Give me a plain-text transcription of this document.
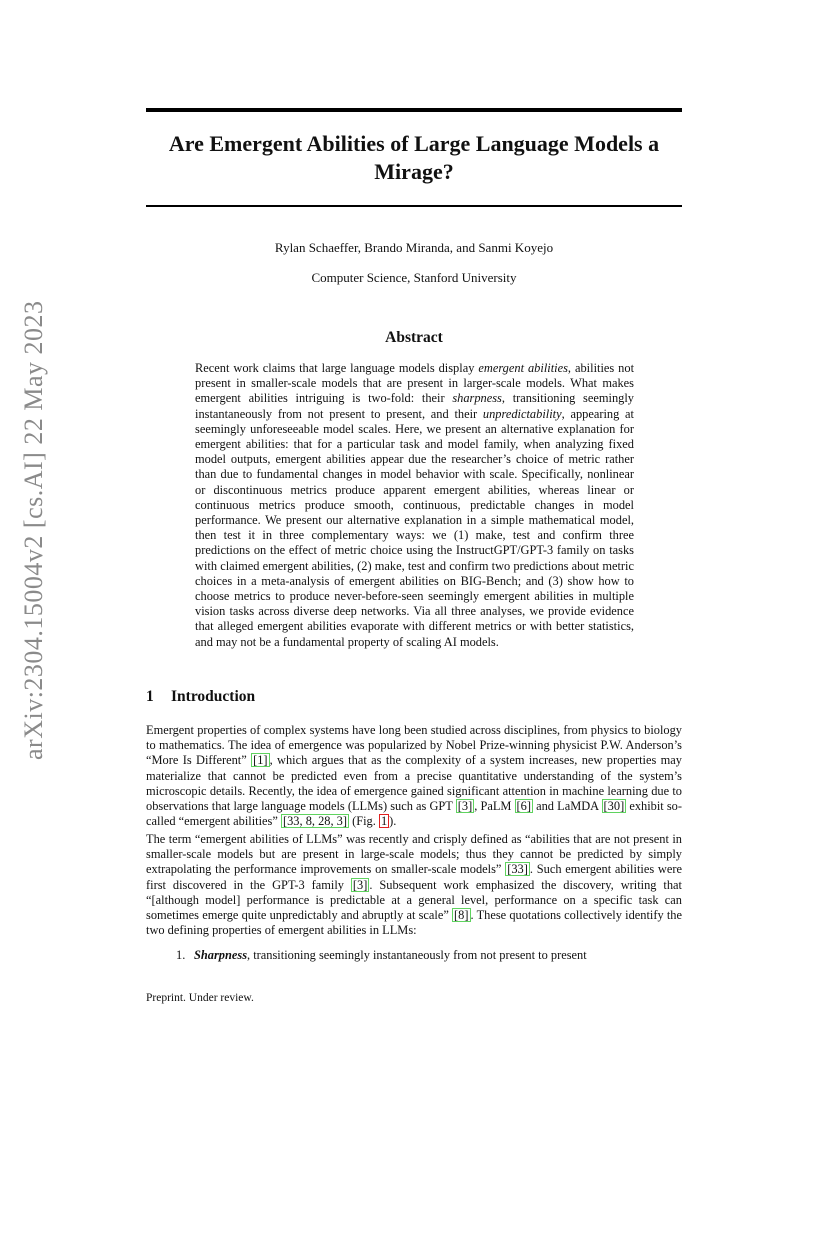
arXiv:2304.15004v2 [cs.AI] 22 May 2023
Are Emergent Abilities of Large Language Models a Mirage?
Rylan Schaeffer, Brando Miranda, and Sanmi Koyejo
Computer Science, Stanford University
Abstract

Recent work claims that large language models display emergent abilities, abilities not present in smaller-scale models that are present in larger-scale models. What makes emergent abilities intriguing is two-fold: their sharpness, transitioning seemingly instantaneously from not present to present, and their unpredictability, appearing at seemingly unforeseeable model scales. Here, we present an alternative explanation for emergent abilities: that for a particular task and model family, when analyzing fixed model outputs, emergent abilities appear due the researcher’s choice of metric rather than due to fundamental changes in model behavior with scale. Specifically, nonlinear or discontinuous metrics produce apparent emergent abilities, whereas linear or continuous metrics produce smooth, continuous, predictable changes in model performance. We present our alternative explanation in a simple mathematical model, then test it in three complementary ways: we (1) make, test and confirm three predictions on the effect of metric choice using the InstructGPT/GPT-3 family on tasks with claimed emergent abilities, (2) make, test and confirm two predictions about metric choices in a meta-analysis of emergent abilities on BIG-Bench; and (3) show how to choose metrics to produce never-before-seen seemingly emergent abilities in multiple vision tasks across diverse deep networks. Via all three analyses, we provide evidence that alleged emergent abilities evaporate with different metrics or with better statistics, and may not be a fundamental property of scaling AI models.

1 Introduction

Emergent properties of complex systems have long been studied across disciplines, from physics to biology to mathematics. The idea of emergence was popularized by Nobel Prize-winning physicist P.W. Anderson’s “More Is Different” [1] , which argues that as the complexity of a system increases, new properties may materialize that cannot be predicted even from a precise quantitative understanding of the system’s microscopic details. Recently, the idea of emergence gained significant attention in machine learning due to observations that large language models (LLMs) such as GPT [3] , PaLM [6] and LaMDA [30] exhibit so-called “emergent abilities” [33, 8, 28, 3] (Fig. 1 ).

The term “emergent abilities of LLMs” was recently and crisply defined as “abilities that are not present in smaller-scale models but are present in large-scale models; thus they cannot be predicted by simply extrapolating the performance improvements on smaller-scale models” [33] . Such emergent abilities were first discovered in the GPT-3 family [3] . Subsequent work emphasized the discovery, writing that “[although model] performance is predictable at a general level, performance on a specific task can sometimes emerge quite unpredictably and abruptly at scale” [8] . These quotations collectively identify the two defining properties of emergent abilities in LLMs:

1. Sharpness, transitioning seemingly instantaneously from not present to present

Preprint. Under review.
